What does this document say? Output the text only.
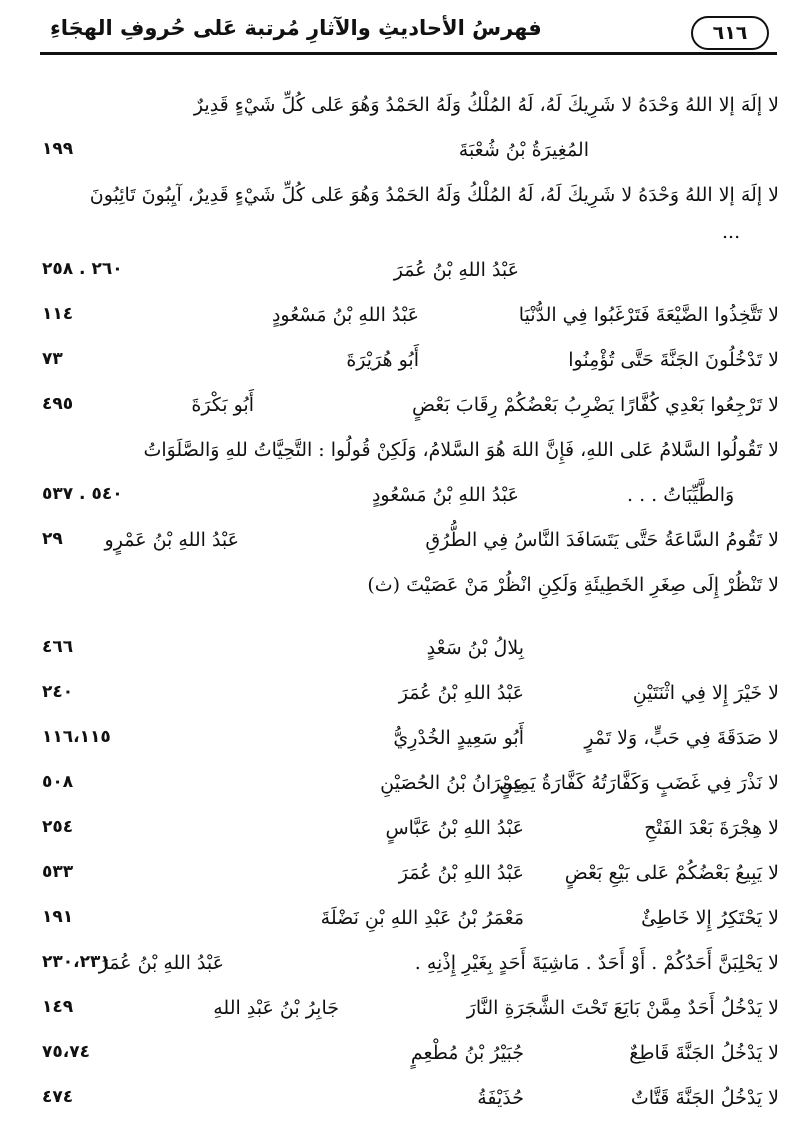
٦١٦
فهرسُ الأحاديثِ والآثارِ مُرتبة عَلى حُروفِ الهجَاءِ
لا إلَهَ إلا اللهُ وَحْدَهُ لا شَرِيكَ لَهُ، لَهُ المُلْكُ وَلَهُ الحَمْدُ وَهُوَ عَلى كُلِّ شَيْءٍ قَدِيرٌ
المُغِيرَةُ بْنُ شُعْبَةَ
١٩٩
لا إلَهَ إلا اللهُ وَحْدَهُ لا شَرِيكَ لَهُ، لَهُ المُلْكُ وَلَهُ الحَمْدُ وَهُوَ عَلى كُلِّ شَيْءٍ قَدِيرٌ، آيِبُونَ تَائِبُونَ
...
عَبْدُ اللهِ بْنُ عُمَرَ
٢٦٠ . ٢٥٨
لا تَتَّخِذُوا الضَّيْعَةَ فَتَرْغَبُوا فِي الدُّنْيَا
عَبْدُ اللهِ بْنُ مَسْعُودٍ
١١٤
لا تَدْخُلُونَ الجَنَّةَ حَتَّى تُؤْمِنُوا
أَبُو هُرَيْرَةَ
٧٣
لا تَرْجِعُوا بَعْدِي كُفَّارًا يَضْرِبُ بَعْضُكُمْ رِقَابَ بَعْضٍ
أَبُو بَكْرَةَ
٤٩٥
لا تَقُولُوا السَّلامُ عَلى اللهِ، فَإِنَّ اللهَ هُوَ السَّلامُ، وَلَكِنْ قُولُوا : التَّحِيَّاتُ للهِ وَالصَّلَوَاتُ
وَالطَّيِّبَاتُ . . .
عَبْدُ اللهِ بْنُ مَسْعُودٍ
٥٤٠ . ٥٣٧
لا تَقُومُ السَّاعَةُ حَتَّى يَتَسَافَدَ النَّاسُ فِي الطُّرُقِ
عَبْدُ اللهِ بْنُ عَمْرٍو
٢٩
لا تَنْظُرْ إِلَى صِغَرِ الخَطِيئَةِ وَلَكِنِ انْظُرْ مَنْ عَصَيْتَ (ث)
بِلالُ بْنُ سَعْدٍ
٤٦٦
لا خَيْرَ إِلا فِي اثْنَتَيْنِ
عَبْدُ اللهِ بْنُ عُمَرَ
٢٤٠
لا صَدَقَةَ فِي حَبٍّ، وَلا تَمْرٍ
أَبُو سَعِيدٍ الخُدْرِيُّ
١١٦،١١٥
لا نَذْرَ فِي غَضَبٍ وَكَفَّارَتُهُ كَفَّارَةُ يَمِينٍ
عِمْرَانُ بْنُ الحُصَيْنِ
٥٠٨
لا هِجْرَةَ بَعْدَ الفَتْحِ
عَبْدُ اللهِ بْنُ عَبَّاسٍ
٢٥٤
لا يَبِيعُ بَعْضُكُمْ عَلى بَيْعِ بَعْضٍ
عَبْدُ اللهِ بْنُ عُمَرَ
٥٣٣
لا يَحْتَكِرُ إِلا خَاطِئٌ
مَعْمَرُ بْنُ عَبْدِ اللهِ بْنِ نَضْلَةَ
١٩١
لا يَحْلِبَنَّ أَحَدُكُمْ . أَوْ أَحَدٌ . مَاشِيَةَ أَحَدٍ بِغَيْرِ إِذْنِهِ .
عَبْدُ اللهِ بْنُ عُمَرَ
٢٣٠،٢٣١
لا يَدْخُلُ أَحَدٌ مِمَّنْ بَايَعَ تَحْتَ الشَّجَرَةِ النَّارَ
جَابِرُ بْنُ عَبْدِ اللهِ
١٤٩
لا يَدْخُلُ الجَنَّةَ قَاطِعٌ
جُبَيْرُ بْنُ مُطْعِمٍ
٧٥،٧٤
لا يَدْخُلُ الجَنَّةَ قَتَّاتٌ
حُذَيْفَةُ
٤٧٤
